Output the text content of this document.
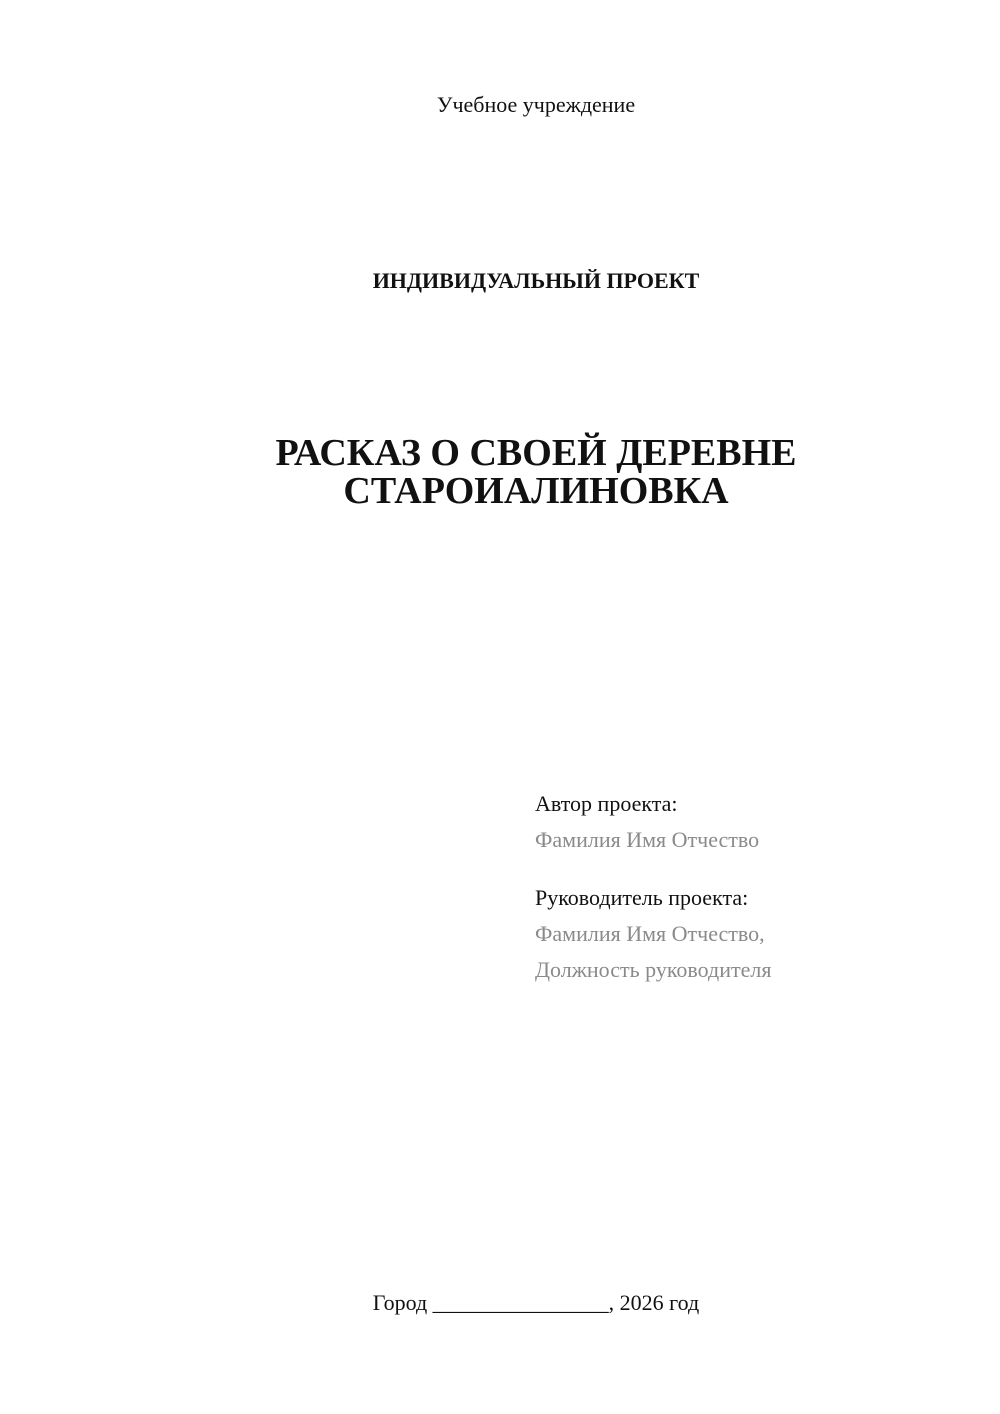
Учебное учреждение
ИНДИВИДУАЛЬНЫЙ ПРОЕКТ
РАСКАЗ О СВОЕЙ ДЕРЕВНЕ
СТАРОИАЛИНОВКА
Автор проекта:
Фамилия Имя Отчество
Руководитель проекта:
Фамилия Имя Отчество,
Должность руководителя
Город ________________, 2026 год
